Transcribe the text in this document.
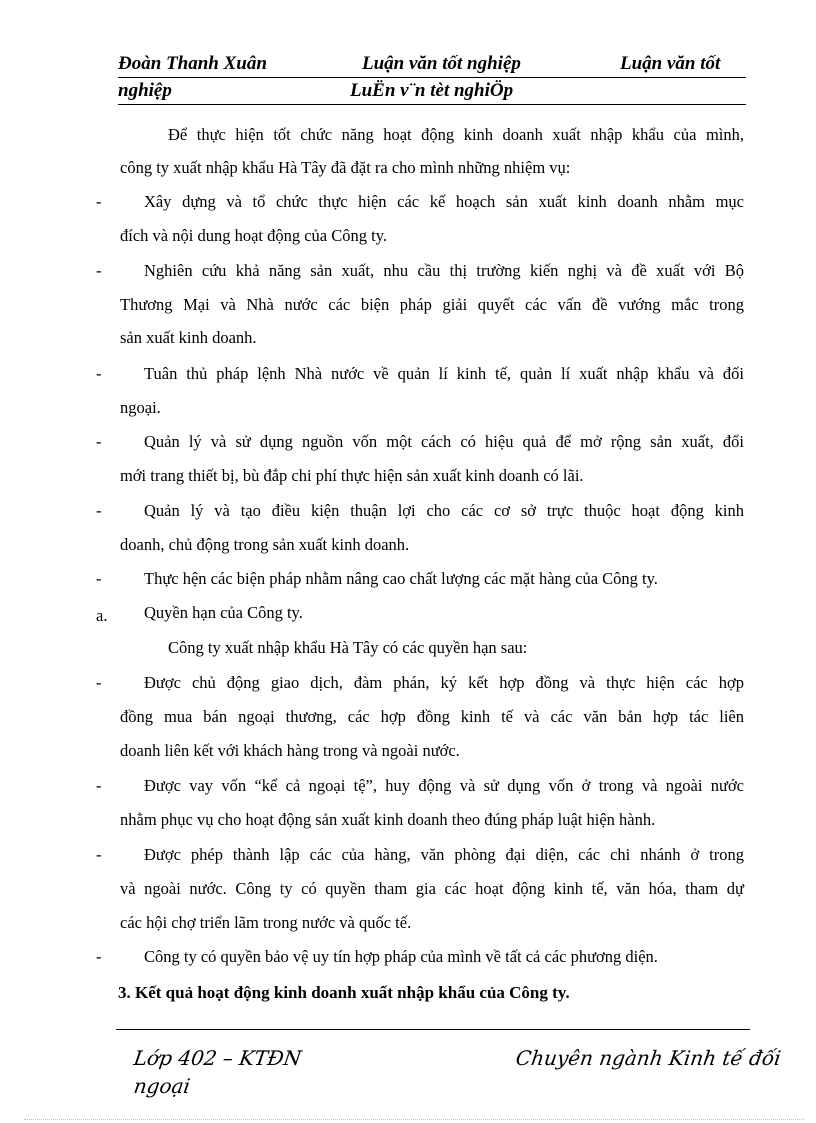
Đoàn Thanh Xuân	Luận văn tốt nghiệp	Luận văn tốt
nghiệp	LuËn v¨n tèt nghiÖp
Để thực hiện tốt chức năng hoạt động kinh doanh xuất nhập khẩu của mình,
công ty xuất nhập khẩu Hà Tây đã đặt ra cho mình những nhiệm vụ:
-	Xây dựng và tổ chức thực hiện các kế hoạch sản xuất kinh doanh nhằm mục
đích và nội dung hoạt động của Công ty.
-	Nghiên cứu khả năng sản xuất, nhu cầu thị trường kiến nghị và đề xuất với Bộ
Thương Mại và Nhà nước các biện pháp giải quyết các vấn đề vướng mắc trong
sản xuất kinh doanh.
-	Tuân thủ pháp lệnh Nhà nước về quản lí kinh tế, quản lí xuất nhập khẩu và đối
ngoại.
-	Quản lý và sử dụng nguồn vốn một cách có hiệu quả để mở rộng sản xuất, đổi
mới trang thiết bị, bù đắp chi phí thực hiện sản xuất kinh doanh có lãi.
-	Quản lý và tạo điều kiện thuận lợi cho các cơ sở trực thuộc hoạt động kinh
doanh, chủ động trong sản xuất kinh doanh.
-	Thực hện các biện pháp nhằm nâng cao chất lượng các mặt hàng của Công ty.
a. Quyền hạn của Công ty.
Công ty xuất nhập khẩu Hà Tây có các quyền hạn sau:
-	Được chủ động giao dịch, đàm phán, ký kết hợp đồng và thực hiện các hợp
đồng mua bán ngoại thương, các hợp đồng kinh tế và các văn bản hợp tác liên
doanh liên kết với khách hàng trong và ngoài nước.
-	Được vay vốn “kể cả ngoại tệ”, huy động và sử dụng vốn ở trong và ngoài nước
nhằm phục vụ cho hoạt động sản xuất kinh doanh theo đúng pháp luật hiện hành.
-	Được phép thành lập các của hàng, văn phòng đại diện, các chi nhánh ở trong
và ngoài nước. Công ty có quyền tham gia các hoạt động kinh tế, văn hóa, tham dự
các hội chợ triển lãm trong nước và quốc tế.
-	Công ty có quyền bảo vệ uy tín hợp pháp của mình về tất cả các phương diện.
3. Kết quả hoạt động kinh doanh xuất nhập khẩu của Công ty.
Lớp 402 – KTĐN	Chuyên ngành Kinh tế đối
ngoại
